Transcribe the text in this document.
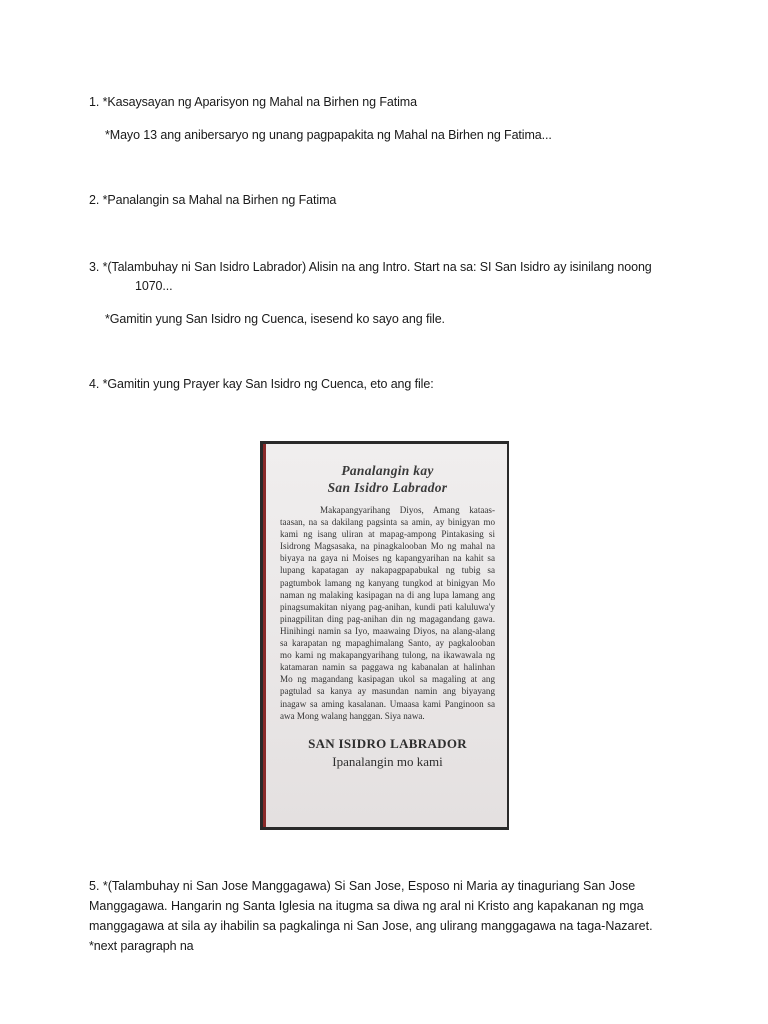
1. *Kasaysayan ng Aparisyon ng Mahal na Birhen ng Fatima
*Mayo 13 ang anibersaryo ng unang pagpapakita ng Mahal na Birhen ng Fatima...
2. *Panalangin sa Mahal na Birhen ng Fatima
3. *(Talambuhay ni San Isidro Labrador) Alisin na ang Intro. Start na sa: SI San Isidro ay isinilang noong
1070...
*Gamitin yung San Isidro ng Cuenca, isesend ko sayo ang file.
4. *Gamitin yung Prayer kay San Isidro ng Cuenca, eto ang file:
Panalangin kay
San Isidro Labrador
Makapangyarihang Diyos, Amang kataas-taasan, na sa dakilang pagsinta sa amin, ay binigyan mo kami ng isang uliran at mapag-ampong Pintakasing si Isidrong Magsasaka, na pinagkalooban Mo ng mahal na biyaya na gaya ni Moises ng kapangyarihan na kahit sa lupang kapatagan ay nakapagpapabukal ng tubig sa pagtumbok lamang ng kanyang tungkod at binigyan Mo naman ng malaking kasipagan na di ang lupa lamang ang pinagsumakitan niyang pag-anihan, kundi pati kaluluwa'y pinagpilitan ding pag-anihan din ng magagandang gawa. Hinihingi namin sa Iyo, maawaing Diyos, na alang-alang sa karapatan ng mapaghimalang Santo, ay pagkalooban mo kami ng makapangyarihang tulong, na ikawawala ng katamaran namin sa paggawa ng kabanalan at halinhan Mo ng magandang kasipagan ukol sa magaling at ang pagtulad sa kanya ay masundan namin ang biyayang inagaw sa aming kasalanan. Umaasa kami Panginoon sa awa Mong walang hanggan. Siya nawa.
SAN ISIDRO LABRADOR
Ipanalangin mo kami
5. *(Talambuhay ni San Jose Manggagawa) Si San Jose, Esposo ni Maria ay tinaguriang San Jose Manggagawa. Hangarin ng Santa Iglesia na itugma sa diwa ng aral ni Kristo ang kapakanan ng mga manggagawa at sila ay ihabilin sa pagkalinga ni San Jose, ang ulirang manggagawa na taga-Nazaret.
*next paragraph na
